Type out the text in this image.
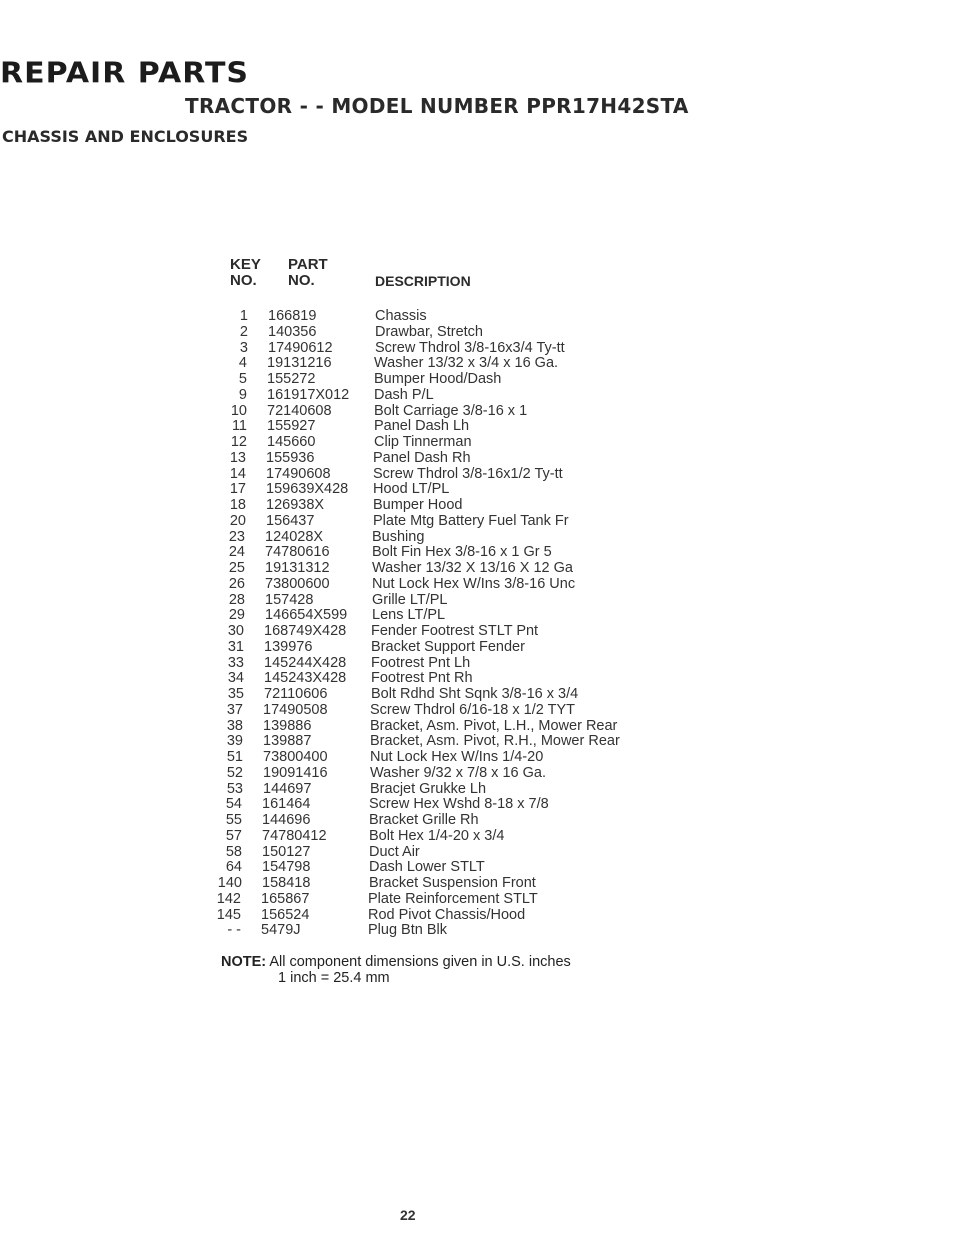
REPAIR PARTS
TRACTOR - - MODEL NUMBER PPR17H42STA
CHASSIS AND ENCLOSURES
KEY
NO.
PART
NO.	DESCRIPTION
1 166819	Chassis
2 140356	Drawbar, Stretch
3 17490612	Screw Thdrol 3/8-16x3/4 Ty-tt
4 19131216	Washer 13/32 x 3/4 x 16 Ga.
5 155272	Bumper Hood/Dash
9 161917X012 Dash P/L
10 72140608	Bolt Carriage 3/8-16 x 1
11 155927	Panel Dash Lh
12 145660	Clip Tinnerman
13 155936	Panel Dash Rh
14 17490608	Screw Thdrol 3/8-16x1/2 Ty-tt
17 159639X428 Hood LT/PL
18 126938X	Bumper Hood
20 156437	Plate Mtg Battery Fuel Tank Fr
23 124028X	Bushing
24 74780616	Bolt Fin Hex 3/8-16 x 1 Gr 5
25 19131312	Washer 13/32 X 13/16 X 12 Ga
26 73800600	Nut Lock Hex W/Ins 3/8-16 Unc
28 157428	Grille LT/PL
29 146654X599 Lens LT/PL
30 168749X428 Fender Footrest STLT Pnt
31 139976	Bracket Support Fender
33 145244X428 Footrest Pnt Lh
34 145243X428 Footrest Pnt Rh
35 72110606	Bolt Rdhd Sht Sqnk 3/8-16 x 3/4
37 17490508	Screw Thdrol 6/16-18 x 1/2 TYT
38 139886	Bracket, Asm. Pivot, L.H., Mower Rear
39 139887	Bracket, Asm. Pivot, R.H., Mower Rear
51 73800400	Nut Lock Hex W/Ins 1/4-20
52 19091416	Washer 9/32 x 7/8 x 16 Ga.
53 144697	Bracjet Grukke Lh
54 161464	Screw Hex Wshd 8-18 x 7/8
55 144696	Bracket Grille Rh
57 74780412	Bolt Hex 1/4-20 x 3/4
58 150127	Duct Air
64 154798	Dash Lower STLT
140 158418	Bracket Suspension Front
142 165867	Plate Reinforcement STLT
145 156524	Rod Pivot Chassis/Hood
- - 5479J	Plug Btn Blk
NOTE: All component dimensions given in U.S. inches
1 inch = 25.4 mm
22
